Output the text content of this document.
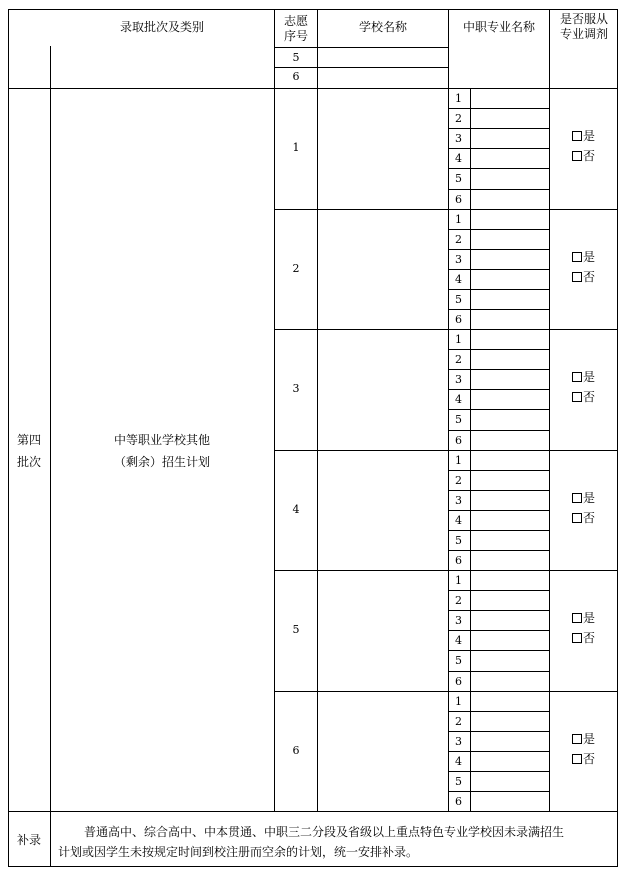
录取批次及类别	志愿
序号
学校名称	中职专业名称
是否服从
专业调剂
5
6
第四
批次
中等职业学校其他
（剩余）招生计划
1
1
2
3
4
5
6
是
否
2
1
2
3
4
5
6
是
否
3
1
2
3
4
5
6
是
否
4
1
2
3
4
5
6
是
否
5
1
2
3
4
5
6
是
否
6
1
2
3
4
5
6
是
否
补录
普通高中、综合高中、中本贯通、中职三二分段及省级以上重点特色专业学校因未录满招生
计划或因学生未按规定时间到校注册而空余的计划，统一安排补录。
